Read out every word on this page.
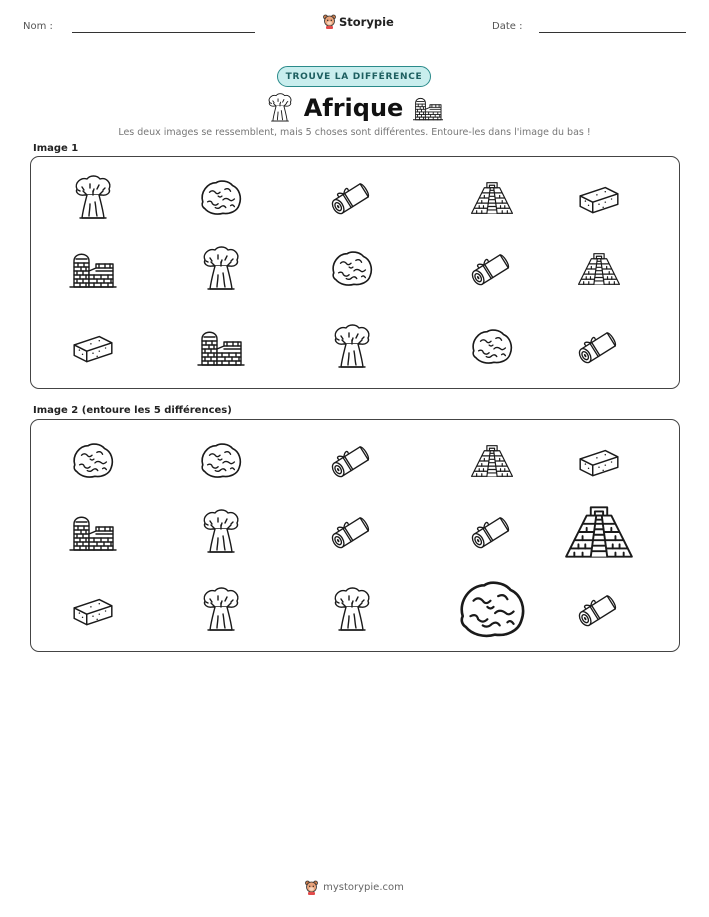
Nom :	Storypie	Date :
TROUVE LA DIFFÉRENCE
Afrique
Les deux images se ressemblent, mais 5 choses sont différentes. Entoure-les dans l'image du bas !
Image 1
Image 2 (entoure les 5 différences)
mystorypie.com
